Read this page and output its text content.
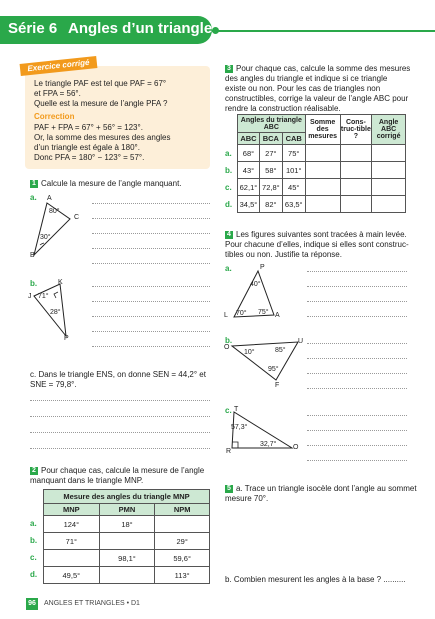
Série 6 Angles d’un triangle
Exercice corrigé
Le triangle PAF est tel que PAF = 67°
et FPA = 56°.
Quelle est la mesure de l’angle PFA ?
Correction
PAF + FPA = 67° + 56° = 123°.
Or, la somme des mesures des angles
d’un triangle est égale à 180°.
Donc PFA = 180° − 123° = 57°.
1 Calcule la mesure de l’angle manquant.
a. A
C
B
80°
30°
b.	K
J
P
71°
28°
c. Dans le triangle ENS, on donne SEN = 44,2° et
SNE = 79,8°.
2 Pour chaque cas, calcule la mesure de l’angle
manquant dans le triangle MNP.
Mesure des angles du triangle MNP		
MNP	PMN	NPM
124°	18°	
71°		29°
	98,1°	59,6°
49,5°		113°
a.
b.
c.
d.
3 Pour chaque cas, calcule la somme des mesures
des angles du triangle et indique si ce triangle
existe ou non. Pour les cas de triangles non
constructibles, corrige la valeur de l’angle ABC pour
rendre la construction réalisable.
Angles du triangle ABC			Somme des mesures	Cons-truc-tible ?	Angle ABC corrigé
ABC	BCA	CAB			
68°	27°	75°			
43°	58°	101°			
62,1°	72,8°	45°			
34,5°	82°	63,5°			
a.
b.
c.
d.
4 Les figures suivantes sont tracées à main levée.
Pour chacune d’elles, indique si elles sont construc-
tibles ou non. Justifie ta réponse.
a.	P
L	A
40°
70° 75°
b.
O
U
F
10°	85°
95°
c. T
R
O
57,3°
32,7°
5 a. Trace un triangle isocèle dont l’angle au sommet
mesure 70°.
b. Combien mesurent les angles à la base ? ..........
96	ANGLES ET TRIANGLES • D1
